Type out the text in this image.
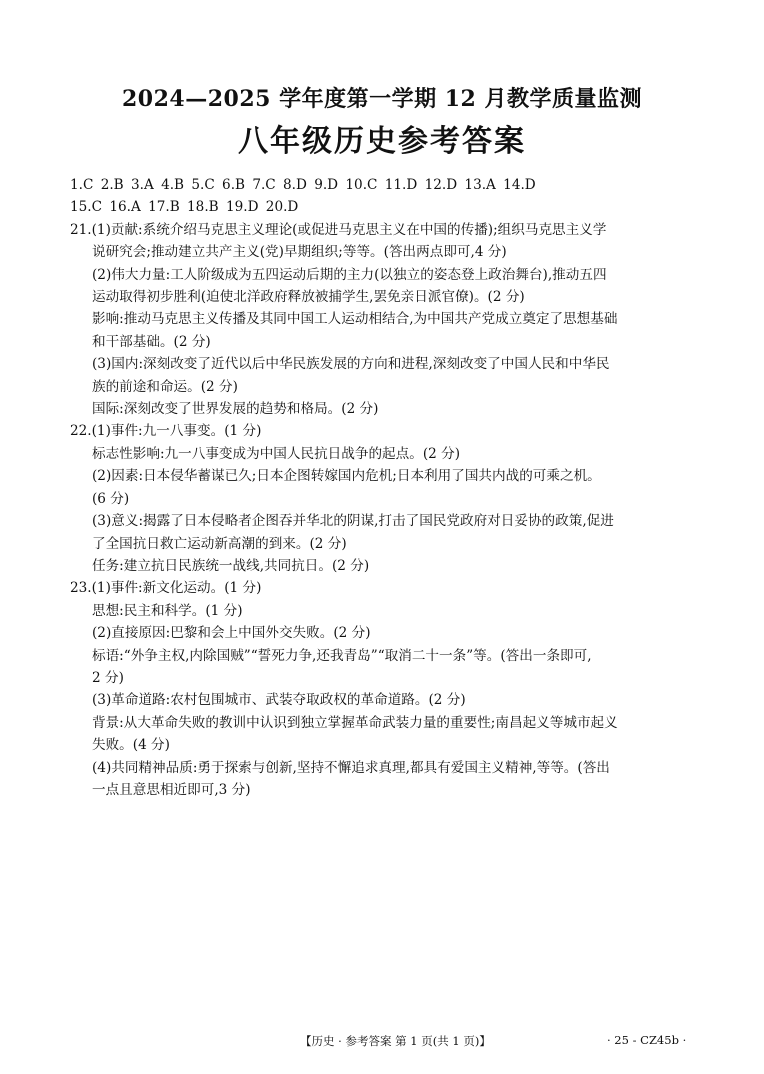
2024—2025 学年度第一学期 12 月教学质量监测
八年级历史参考答案
1.C 2.B 3.A 4.B 5.C 6.B 7.C 8.D 9.D 10.C 11.D 12.D 13.A 14.D
15.C 16.A 17.B 18.B 19.D 20.D
21.(1)贡献:系统介绍马克思主义理论(或促进马克思主义在中国的传播);组织马克思主义学
说研究会;推动建立共产主义(党)早期组织;等等。(答出两点即可,4 分)
(2)伟大力量:工人阶级成为五四运动后期的主力(以独立的姿态登上政治舞台),推动五四
运动取得初步胜利(迫使北洋政府释放被捕学生,罢免亲日派官僚)。(2 分)
影响:推动马克思主义传播及其同中国工人运动相结合,为中国共产党成立奠定了思想基础
和干部基础。(2 分)
(3)国内:深刻改变了近代以后中华民族发展的方向和进程,深刻改变了中国人民和中华民
族的前途和命运。(2 分)
国际:深刻改变了世界发展的趋势和格局。(2 分)
22.(1)事件:九一八事变。(1 分)
标志性影响:九一八事变成为中国人民抗日战争的起点。(2 分)
(2)因素:日本侵华蓄谋已久;日本企图转嫁国内危机;日本利用了国共内战的可乘之机。
(6 分)
(3)意义:揭露了日本侵略者企图吞并华北的阴谋,打击了国民党政府对日妥协的政策,促进
了全国抗日救亡运动新高潮的到来。(2 分)
任务:建立抗日民族统一战线,共同抗日。(2 分)
23.(1)事件:新文化运动。(1 分)
思想:民主和科学。(1 分)
(2)直接原因:巴黎和会上中国外交失败。(2 分)
标语:“外争主权,内除国贼”“誓死力争,还我青岛”“取消二十一条”等。(答出一条即可,
2 分)
(3)革命道路:农村包围城市、武装夺取政权的革命道路。(2 分)
背景:从大革命失败的教训中认识到独立掌握革命武装力量的重要性;南昌起义等城市起义
失败。(4 分)
(4)共同精神品质:勇于探索与创新,坚持不懈追求真理,都具有爱国主义精神,等等。(答出
一点且意思相近即可,3 分)
【历史 · 参考答案 第 1 页(共 1 页)】	· 25 - CZ45b ·
